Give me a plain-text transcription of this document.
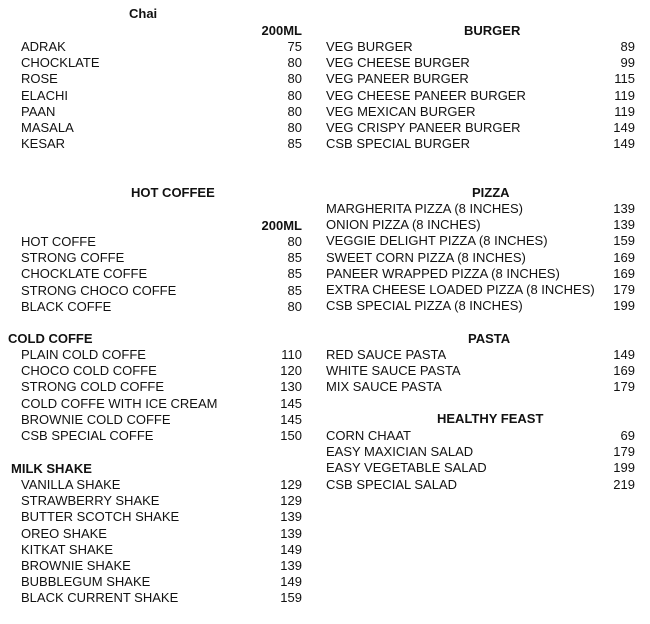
Chai
200ML
ADRAK	75
CHOCKLATE	80
ROSE	80
ELACHI	80
PAAN	80
MASALA	80
KESAR	85
HOT COFFEE
200ML
HOT COFFE	80
STRONG COFFE	85
CHOCKLATE COFFE	85
STRONG CHOCO COFFE	85
BLACK COFFE	80
COLD COFFE
PLAIN COLD COFFE	110
CHOCO COLD COFFE	120
STRONG COLD COFFE	130
COLD COFFE WITH ICE CREAM	145
BROWNIE COLD COFFE	145
CSB SPECIAL COFFE	150
MILK SHAKE
VANILLA SHAKE	129
STRAWBERRY SHAKE	129
BUTTER SCOTCH SHAKE	139
OREO SHAKE	139
KITKAT SHAKE	149
BROWNIE SHAKE	139
BUBBLEGUM SHAKE	149
BLACK CURRENT SHAKE	159
BURGER
VEG BURGER	89
VEG CHEESE BURGER	99
VEG PANEER BURGER	115
VEG CHEESE PANEER BURGER	119
VEG MEXICAN BURGER	119
VEG CRISPY PANEER BURGER	149
CSB SPECIAL BURGER	149
PIZZA
MARGHERITA PIZZA (8 INCHES)	139
ONION PIZZA (8 INCHES)	139
VEGGIE DELIGHT PIZZA (8 INCHES)	159
SWEET CORN PIZZA (8 INCHES)	169
PANEER WRAPPED PIZZA (8 INCHES)	169
EXTRA CHEESE LOADED PIZZA (8 INCHES) 179
CSB SPECIAL PIZZA (8 INCHES)	199
PASTA
RED SAUCE PASTA	149
WHITE SAUCE PASTA	169
MIX SAUCE PASTA	179
HEALTHY FEAST
CORN CHAAT	69
EASY MAXICIAN SALAD	179
EASY VEGETABLE SALAD	199
CSB SPECIAL SALAD	219
